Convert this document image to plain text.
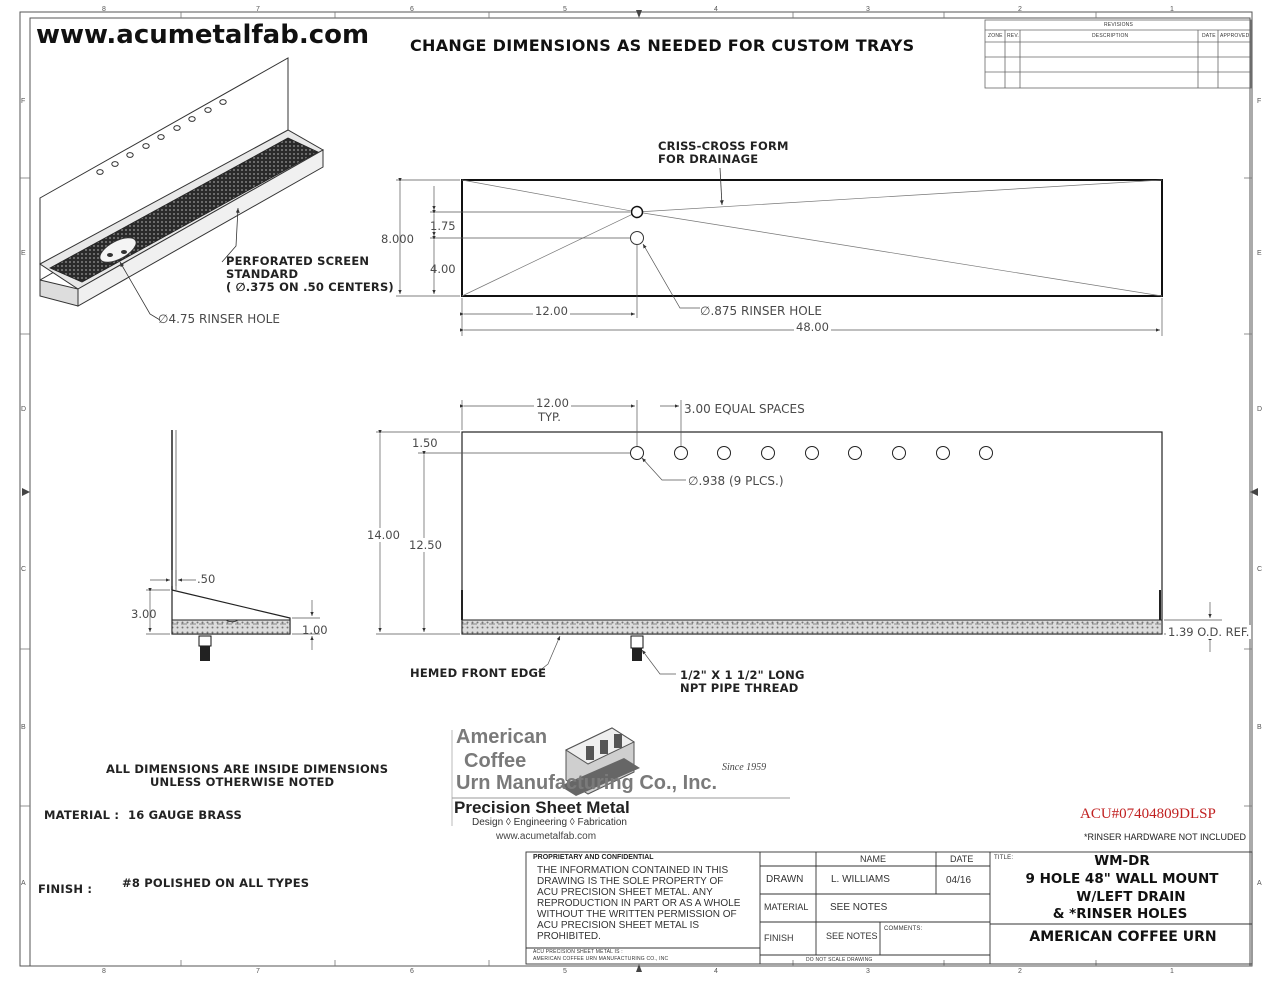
8	7	6	5	4	3	2	1
8	7	6	5	4	3	2	1
F
E
D
C
B
A
F
E
D
C
B
A
www.acumetalfab.com	CHANGE DIMENSIONS AS NEEDED FOR CUSTOM TRAYS
REVISIONS
ZONE REV.	DESCRIPTION	DATE APPROVED
PERFORATED SCREEN
STANDARD
( ∅.375 ON .50 CENTERS)
∅4.75 RINSER HOLE
CRISS-CROSS FORM
FOR DRAINAGE
8.000
1.75
4.00
12.00
48.00
∅.875 RINSER HOLE
12.00
TYP.
3.00 EQUAL SPACES
1.50
∅.938 (9 PLCS.)
14.00
12.50
1.39 O.D. REF.
HEMED FRONT EDGE	1/2" X 1 1/2" LONG
NPT PIPE THREAD
.50
3.00
1.00
ALL DIMENSIONS ARE INSIDE DIMENSIONS
UNLESS OTHERWISE NOTED
MATERIAL : 16 GAUGE BRASS
FINISH :	#8 POLISHED ON ALL TYPES
American
Coffee
Urn Manufacturing Co., Inc.
Since 1959
Precision Sheet Metal
Design ◊ Engineering ◊ Fabrication
www.acumetalfab.com
ACU#07404809DLSP
*RINSER HARDWARE NOT INCLUDED
PROPRIETARY AND CONFIDENTIAL
THE INFORMATION CONTAINED IN THIS
DRAWING IS THE SOLE PROPERTY OF
ACU PRECISION SHEET METAL. ANY
REPRODUCTION IN PART OR AS A WHOLE
WITHOUT THE WRITTEN PERMISSION OF
ACU PRECISION SHEET METAL IS
PROHIBITED.
ACU PRECISION SHEET METAL IS :
AMERICAN COFFEE URN MANUFACTURING CO., INC
NAME	DATE
DRAWN	L. WILLIAMS	04/16
MATERIAL SEE NOTES
FINISH	SEE NOTES
COMMENTS:
DO NOT SCALE DRAWING
TITLE:	WM-DR
9 HOLE 48" WALL MOUNT
W/LEFT DRAIN
& *RINSER HOLES
AMERICAN COFFEE URN
